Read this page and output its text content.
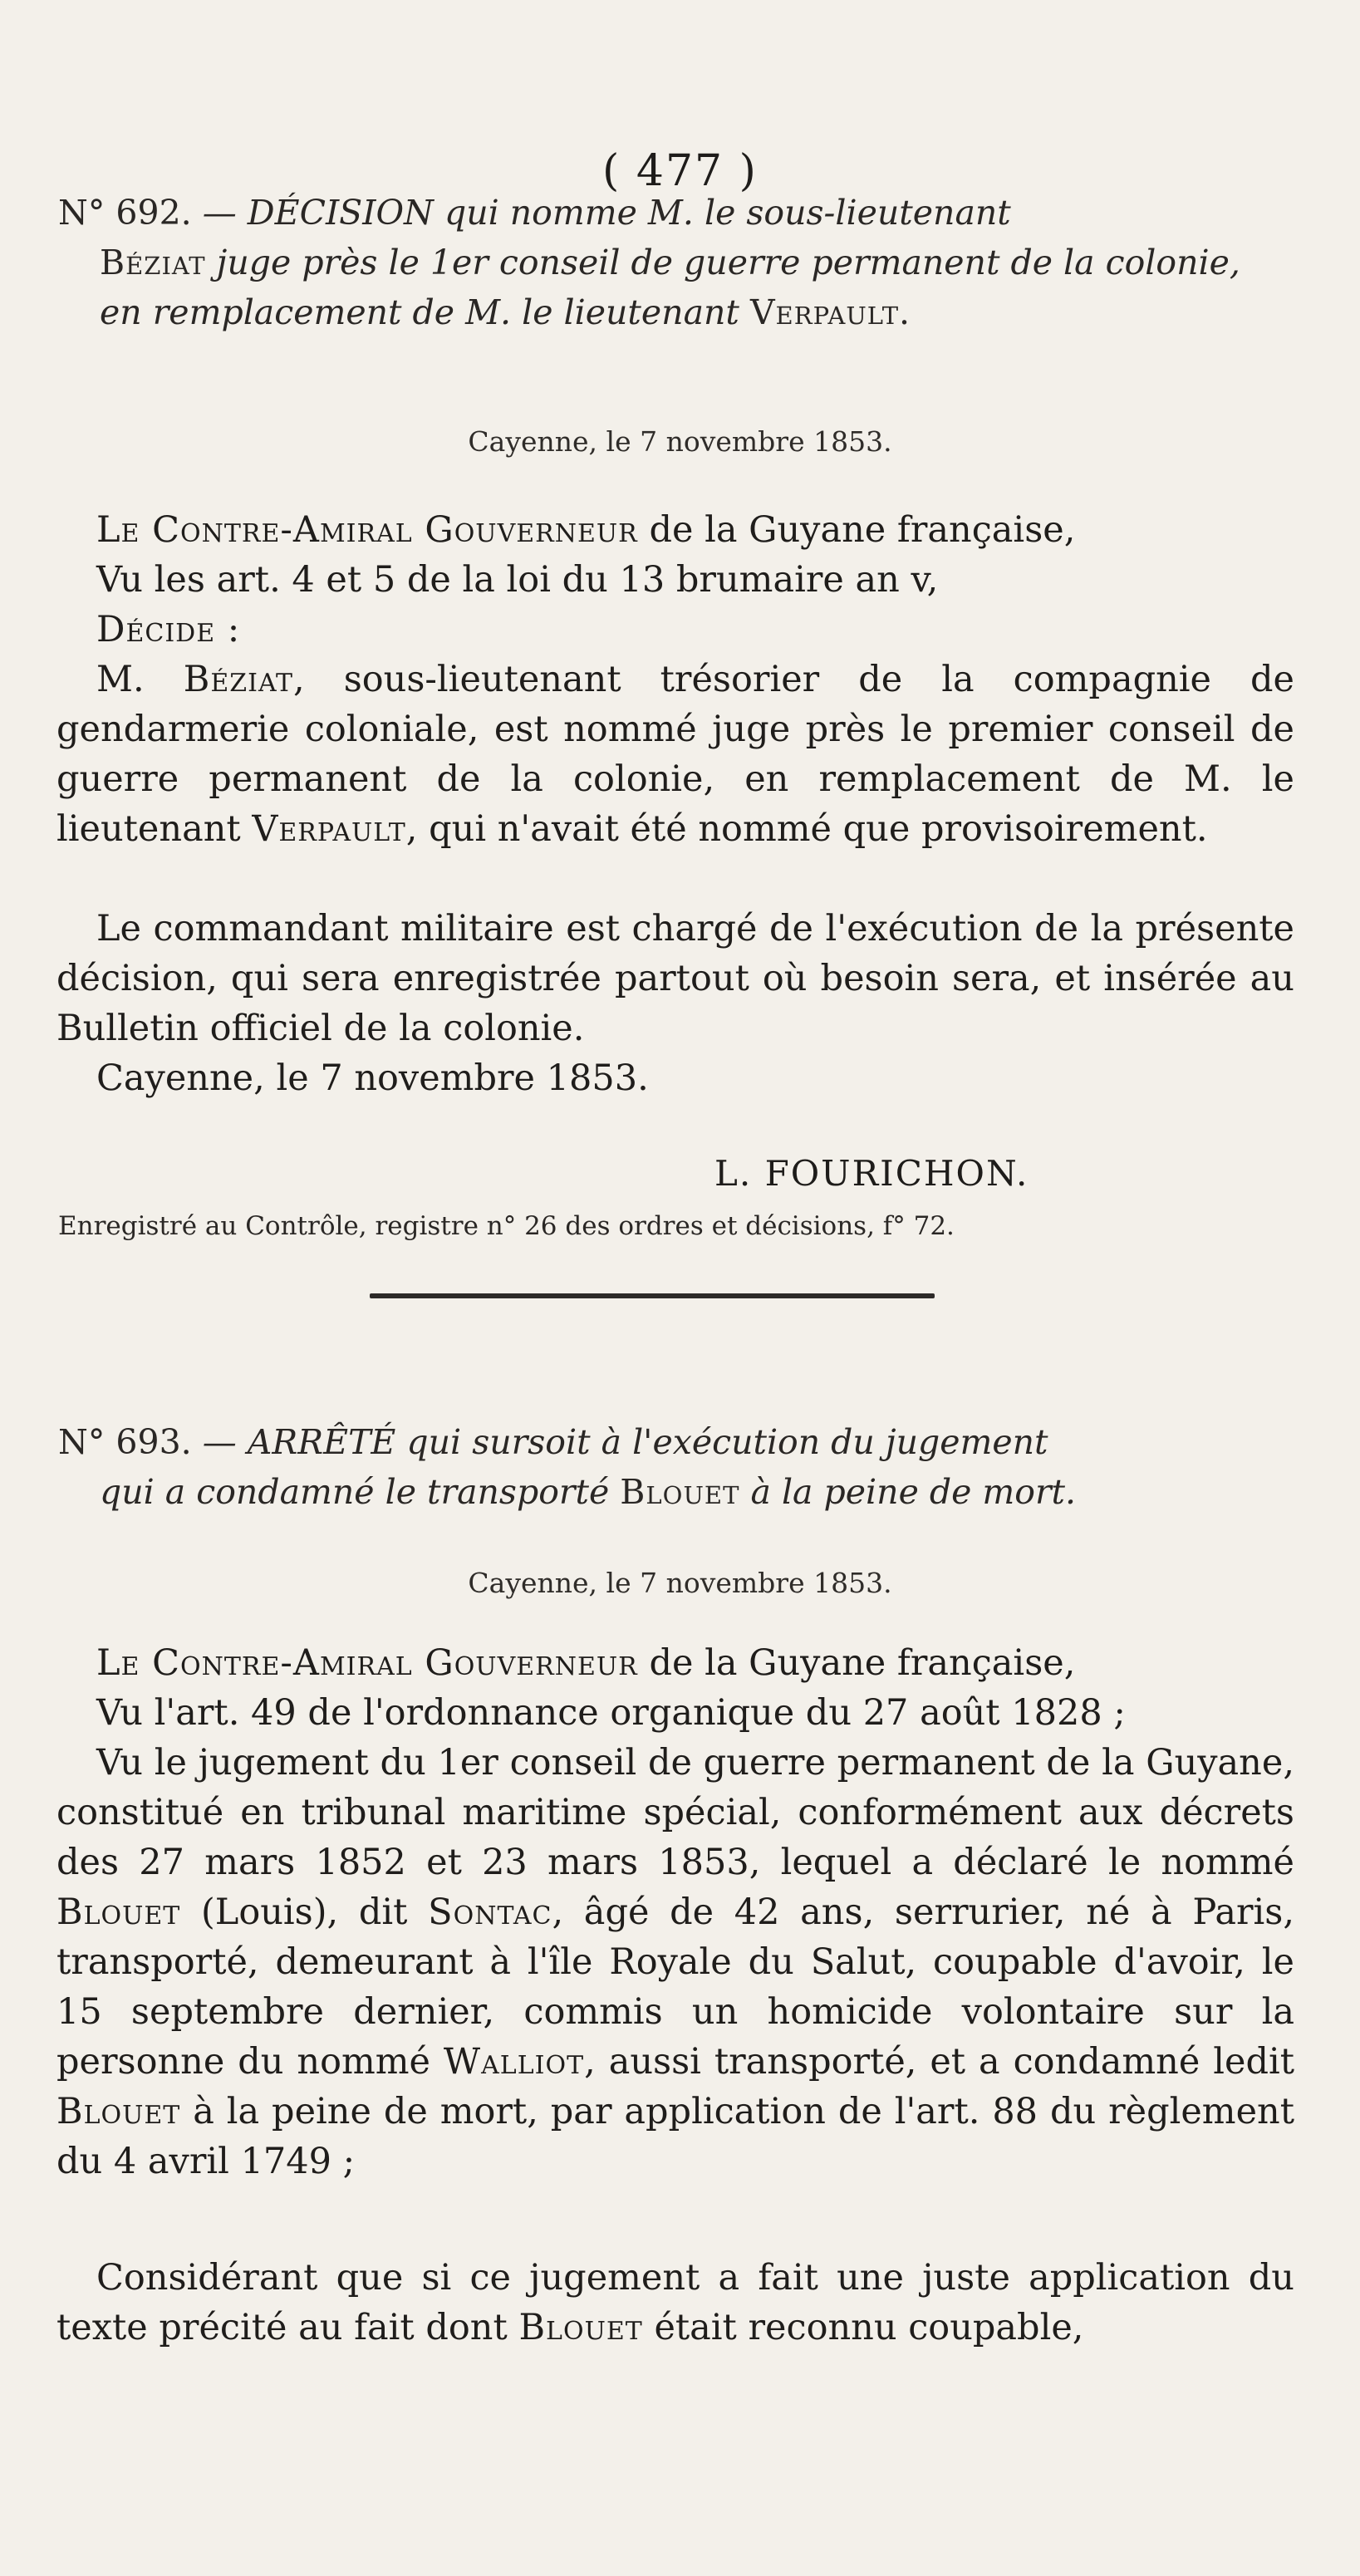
( 477 )
N° 692. — DÉCISION qui nomme M. le sous-lieutenant
Béziat juge près le 1er conseil de guerre permanent de la colonie, en remplacement de M. le lieutenant Verpault.
Cayenne, le 7 novembre 1853.
Le Contre-Amiral Gouverneur de la Guyane française,
Vu les art. 4 et 5 de la loi du 13 brumaire an v,
Décide :
M. Béziat, sous-lieutenant trésorier de la compagnie de gendarmerie coloniale, est nommé juge près le premier conseil de guerre permanent de la colonie, en remplacement de M. le lieutenant Verpault, qui n'avait été nommé que provisoirement.
Le commandant militaire est chargé de l'exécution de la présente décision, qui sera enregistrée partout où besoin sera, et insérée au Bulletin officiel de la colonie.
Cayenne, le 7 novembre 1853.
L. FOURICHON.
Enregistré au Contrôle, registre n° 26 des ordres et décisions, f° 72.
N° 693. — ARRÊTÉ qui sursoit à l'exécution du jugement
qui a condamné le transporté Blouet à la peine de mort.
Cayenne, le 7 novembre 1853.
Le Contre-Amiral Gouverneur de la Guyane française,
Vu l'art. 49 de l'ordonnance organique du 27 août 1828 ;
Vu le jugement du 1er conseil de guerre permanent de la Guyane, constitué en tribunal maritime spécial, conformément aux décrets des 27 mars 1852 et 23 mars 1853, lequel a déclaré le nommé Blouet (Louis), dit Sontac, âgé de 42 ans, serrurier, né à Paris, transporté, demeurant à l'île Royale du Salut, coupable d'avoir, le 15 septembre dernier, commis un homicide volontaire sur la personne du nommé Walliot, aussi transporté, et a condamné ledit Blouet à la peine de mort, par application de l'art. 88 du règlement du 4 avril 1749 ;
Considérant que si ce jugement a fait une juste application du texte précité au fait dont Blouet était reconnu coupable,
